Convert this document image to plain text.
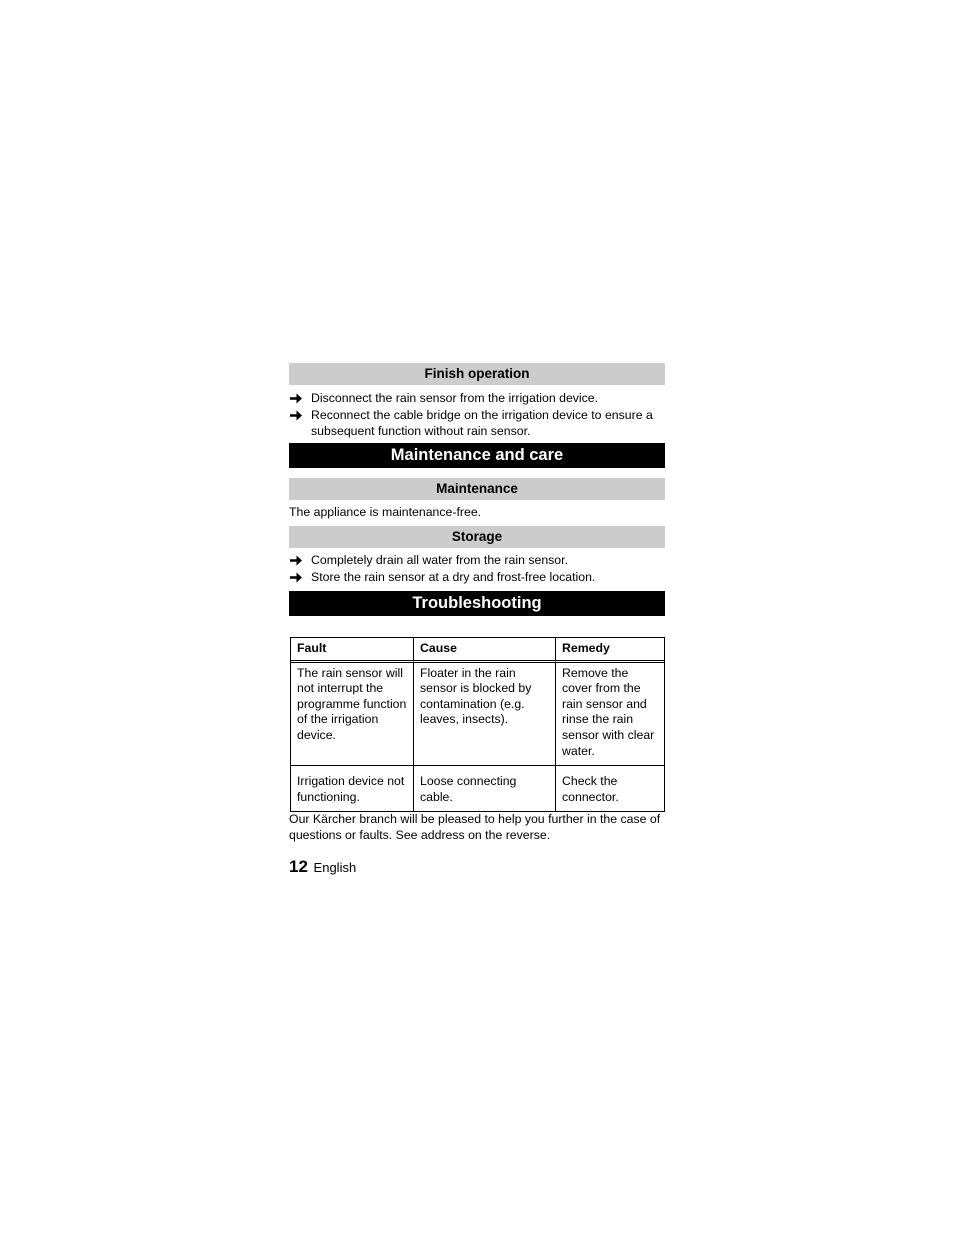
Finish operation
Disconnect the rain sensor from the irrigation device.
Reconnect the cable bridge on the irrigation device to ensure a subsequent function without rain sensor.
Maintenance and care
Maintenance
The appliance is maintenance-free.
Storage
Completely drain all water from the rain sensor.
Store the rain sensor at a dry and frost-free location.
Troubleshooting
Fault	Cause	Remedy
The rain sensor will not interrupt the programme function of the irrigation device.	Floater in the rain sensor is blocked by contamination (e.g. leaves, insects).	Remove the cover from the rain sensor and rinse the rain sensor with clear water.
Irrigation device not functioning.	Loose connecting cable.	Check the connector.
Our Kärcher branch will be pleased to help you further in the case of questions or faults. See address on the reverse.
12 English
